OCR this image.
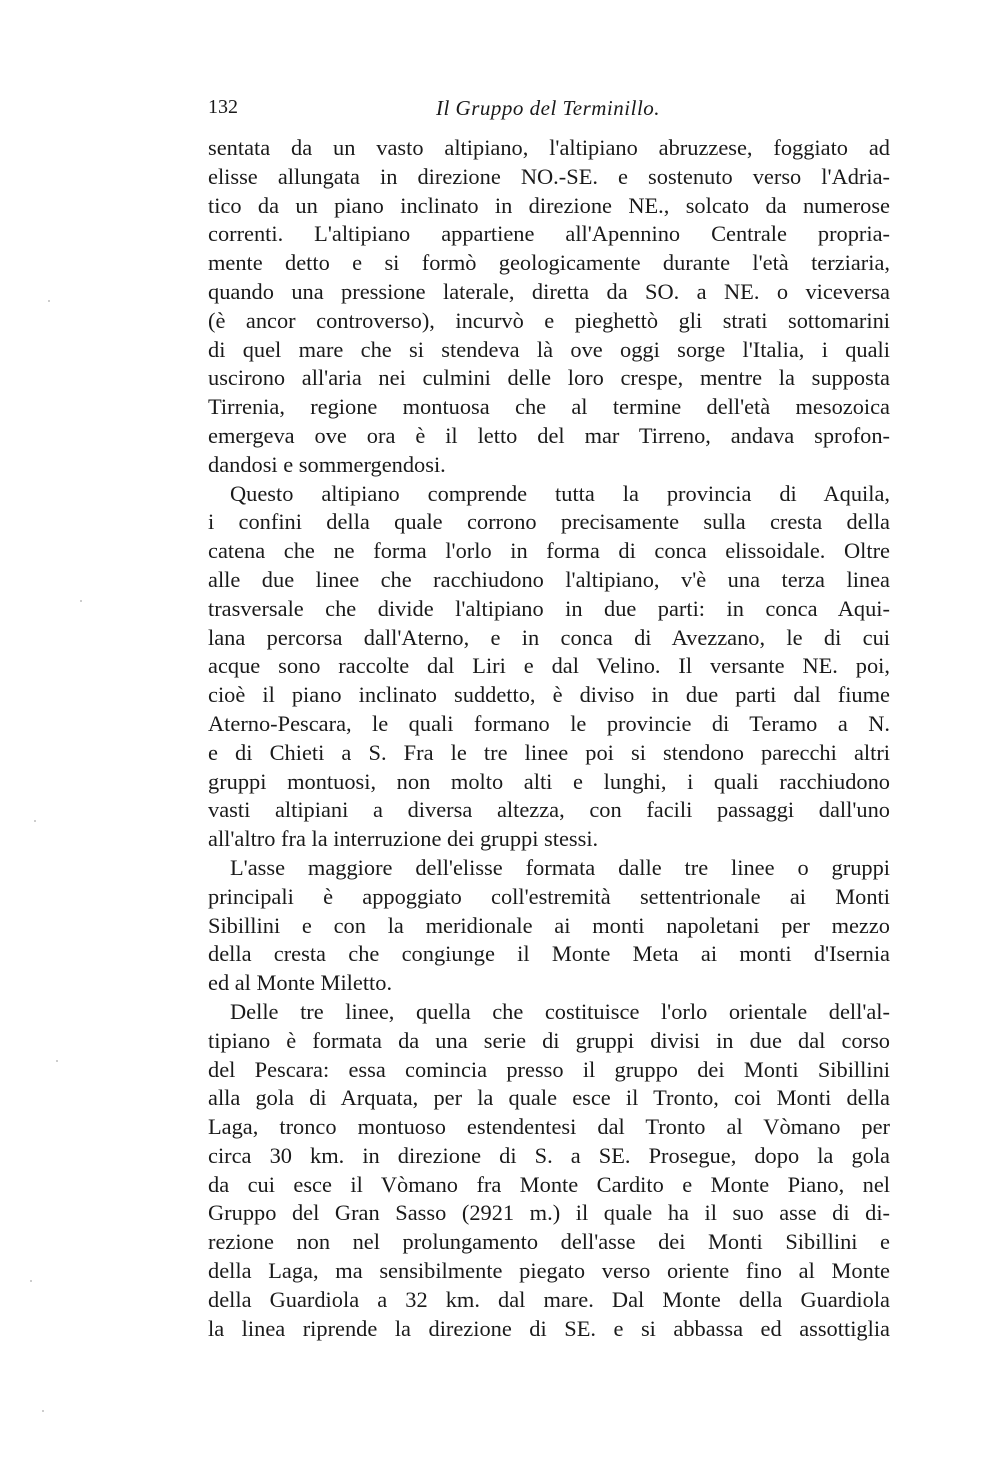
132	Il Gruppo del Terminillo.
sentata da un vasto altipiano, l'altipiano abruzzese, foggiato ad
elisse allungata in direzione NO.-SE. e sostenuto verso l'Adria-
tico da un piano inclinato in direzione NE., solcato da numerose
correnti. L'altipiano appartiene all'Apennino Centrale propria-
mente detto e si formò geologicamente durante l'età terziaria,
quando una pressione laterale, diretta da SO. a NE. o viceversa
(è ancor controverso), incurvò e pieghettò gli strati sottomarini
di quel mare che si stendeva là ove oggi sorge l'Italia, i quali
uscirono all'aria nei culmini delle loro crespe, mentre la supposta
Tirrenia, regione montuosa che al termine dell'età mesozoica
emergeva ove ora è il letto del mar Tirreno, andava sprofon-
dandosi e sommergendosi.
Questo altipiano comprende tutta la provincia di Aquila,
i confini della quale corrono precisamente sulla cresta della
catena che ne forma l'orlo in forma di conca elissoidale. Oltre
alle due linee che racchiudono l'altipiano, v'è una terza linea
trasversale che divide l'altipiano in due parti: in conca Aqui-
lana percorsa dall'Aterno, e in conca di Avezzano, le di cui
acque sono raccolte dal Liri e dal Velino. Il versante NE. poi,
cioè il piano inclinato suddetto, è diviso in due parti dal fiume
Aterno-Pescara, le quali formano le provincie di Teramo a N.
e di Chieti a S. Fra le tre linee poi si stendono parecchi altri
gruppi montuosi, non molto alti e lunghi, i quali racchiudono
vasti altipiani a diversa altezza, con facili passaggi dall'uno
all'altro fra la interruzione dei gruppi stessi.
L'asse maggiore dell'elisse formata dalle tre linee o gruppi
principali è appoggiato coll'estremità settentrionale ai Monti
Sibillini e con la meridionale ai monti napoletani per mezzo
della cresta che congiunge il Monte Meta ai monti d'Isernia
ed al Monte Miletto.
Delle tre linee, quella che costituisce l'orlo orientale dell'al-
tipiano è formata da una serie di gruppi divisi in due dal corso
del Pescara: essa comincia presso il gruppo dei Monti Sibillini
alla gola di Arquata, per la quale esce il Tronto, coi Monti della
Laga, tronco montuoso estendentesi dal Tronto al Vòmano per
circa 30 km. in direzione di S. a SE. Prosegue, dopo la gola
da cui esce il Vòmano fra Monte Cardito e Monte Piano, nel
Gruppo del Gran Sasso (2921 m.) il quale ha il suo asse di di-
rezione non nel prolungamento dell'asse dei Monti Sibillini e
della Laga, ma sensibilmente piegato verso oriente fino al Monte
della Guardiola a 32 km. dal mare. Dal Monte della Guardiola
la linea riprende la direzione di SE. e si abbassa ed assottiglia
